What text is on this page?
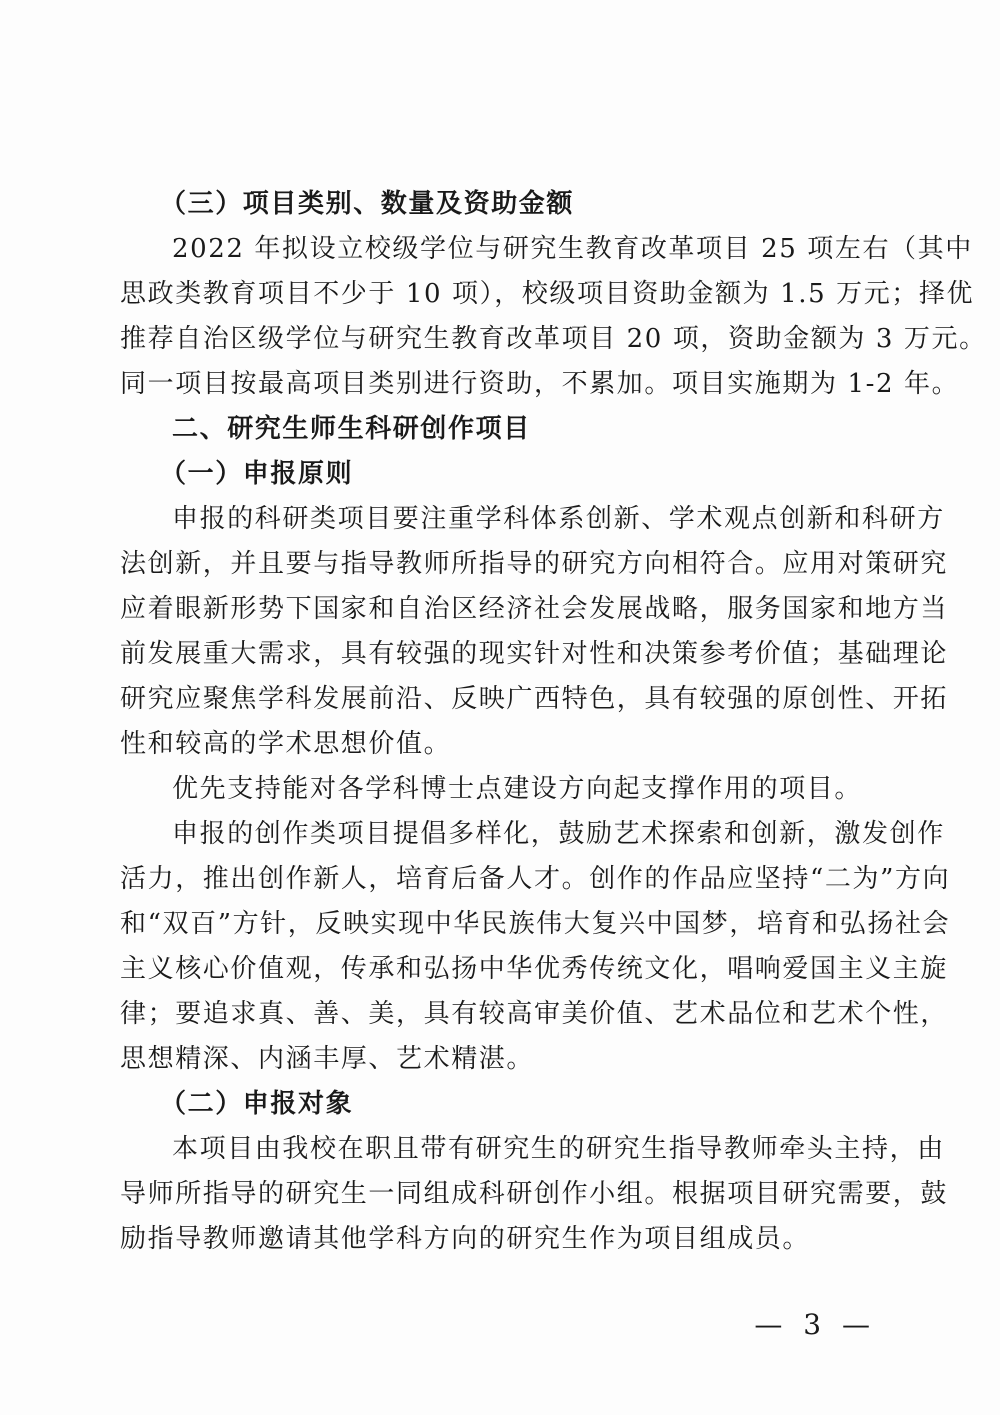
（三）项目类别、数量及资助金额
2022 年拟设立校级学位与研究生教育改革项目 25 项左右（其中
思政类教育项目不少于 10 项），校级项目资助金额为 1.5 万元；择优
推荐自治区级学位与研究生教育改革项目 20 项，资助金额为 3 万元。
同一项目按最高项目类别进行资助，不累加。项目实施期为 1-2 年。
二、研究生师生科研创作项目
（一）申报原则
申报的科研类项目要注重学科体系创新、学术观点创新和科研方
法创新，并且要与指导教师所指导的研究方向相符合。应用对策研究
应着眼新形势下国家和自治区经济社会发展战略，服务国家和地方当
前发展重大需求，具有较强的现实针对性和决策参考价值；基础理论
研究应聚焦学科发展前沿、反映广西特色，具有较强的原创性、开拓
性和较高的学术思想价值。
优先支持能对各学科博士点建设方向起支撑作用的项目。
申报的创作类项目提倡多样化，鼓励艺术探索和创新，激发创作
活力，推出创作新人，培育后备人才。创作的作品应坚持“二为”方向
和“双百”方针，反映实现中华民族伟大复兴中国梦，培育和弘扬社会
主义核心价值观，传承和弘扬中华优秀传统文化，唱响爱国主义主旋
律；要追求真、善、美，具有较高审美价值、艺术品位和艺术个性，
思想精深、内涵丰厚、艺术精湛。
（二）申报对象
本项目由我校在职且带有研究生的研究生指导教师牵头主持，由
导师所指导的研究生一同组成科研创作小组。根据项目研究需要，鼓
励指导教师邀请其他学科方向的研究生作为项目组成员。
— 3 —
